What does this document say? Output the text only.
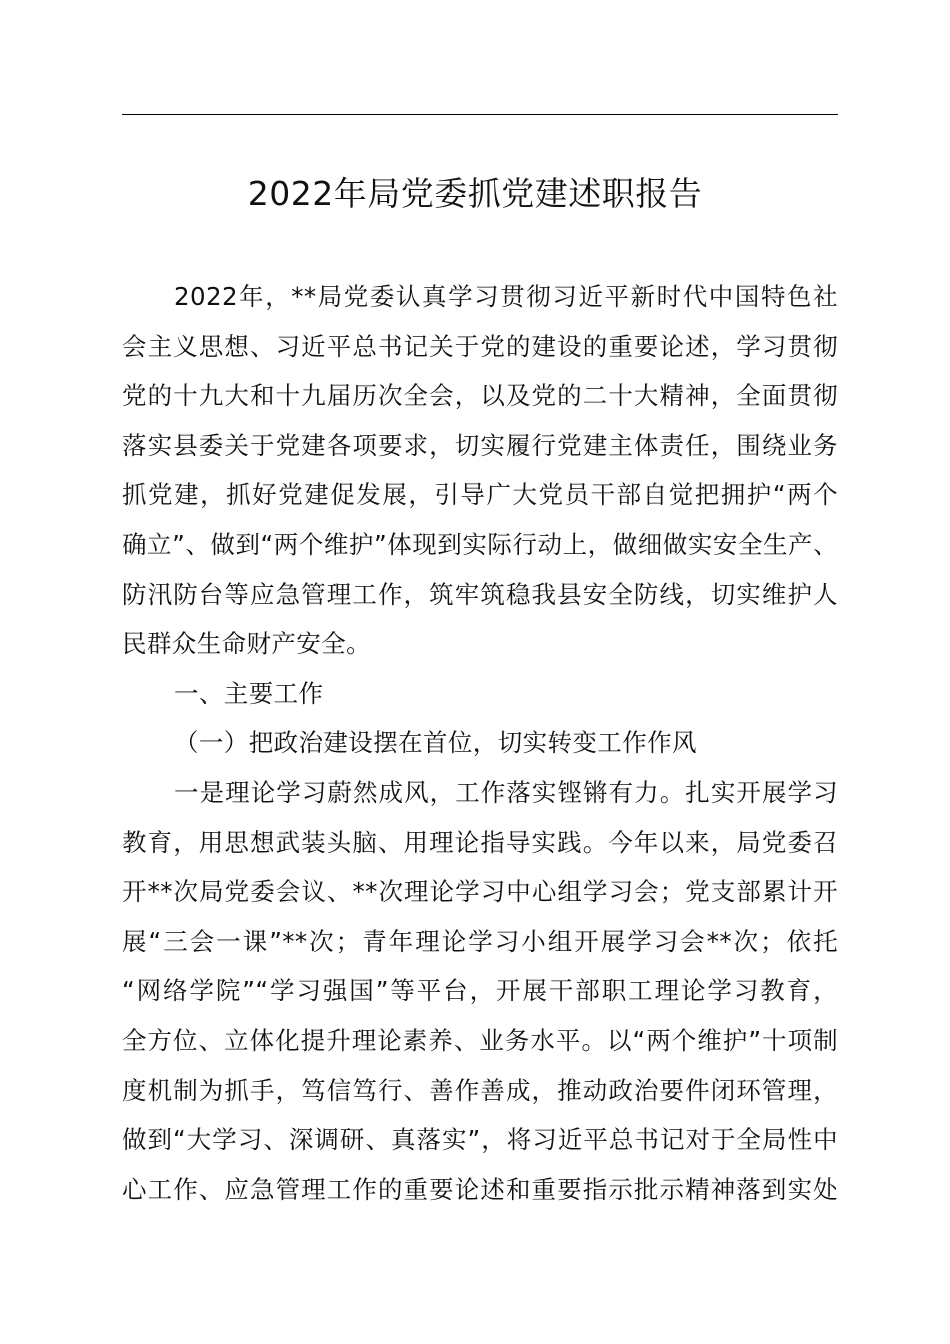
2022年局党委抓党建述职报告
2022年，**局党委认真学习贯彻习近平新时代中国特色社
会主义思想、习近平总书记关于党的建设的重要论述，学习贯彻
党的十九大和十九届历次全会，以及党的二十大精神，全面贯彻
落实县委关于党建各项要求，切实履行党建主体责任，围绕业务
抓党建，抓好党建促发展，引导广大党员干部自觉把拥护“两个
确立”、做到“两个维护”体现到实际行动上，做细做实安全生产、
防汛防台等应急管理工作，筑牢筑稳我县安全防线，切实维护人
民群众生命财产安全。
一、主要工作
（一）把政治建设摆在首位，切实转变工作作风
一是理论学习蔚然成风，工作落实铿锵有力。扎实开展学习
教育，用思想武装头脑、用理论指导实践。今年以来，局党委召
开**次局党委会议、**次理论学习中心组学习会；党支部累计开
展“三会一课”**次；青年理论学习小组开展学习会**次；依托
“网络学院”“学习强国”等平台，开展干部职工理论学习教育，
全方位、立体化提升理论素养、业务水平。以“两个维护”十项制
度机制为抓手，笃信笃行、善作善成，推动政治要件闭环管理，
做到“大学习、深调研、真落实”，将习近平总书记对于全局性中
心工作、应急管理工作的重要论述和重要指示批示精神落到实处
